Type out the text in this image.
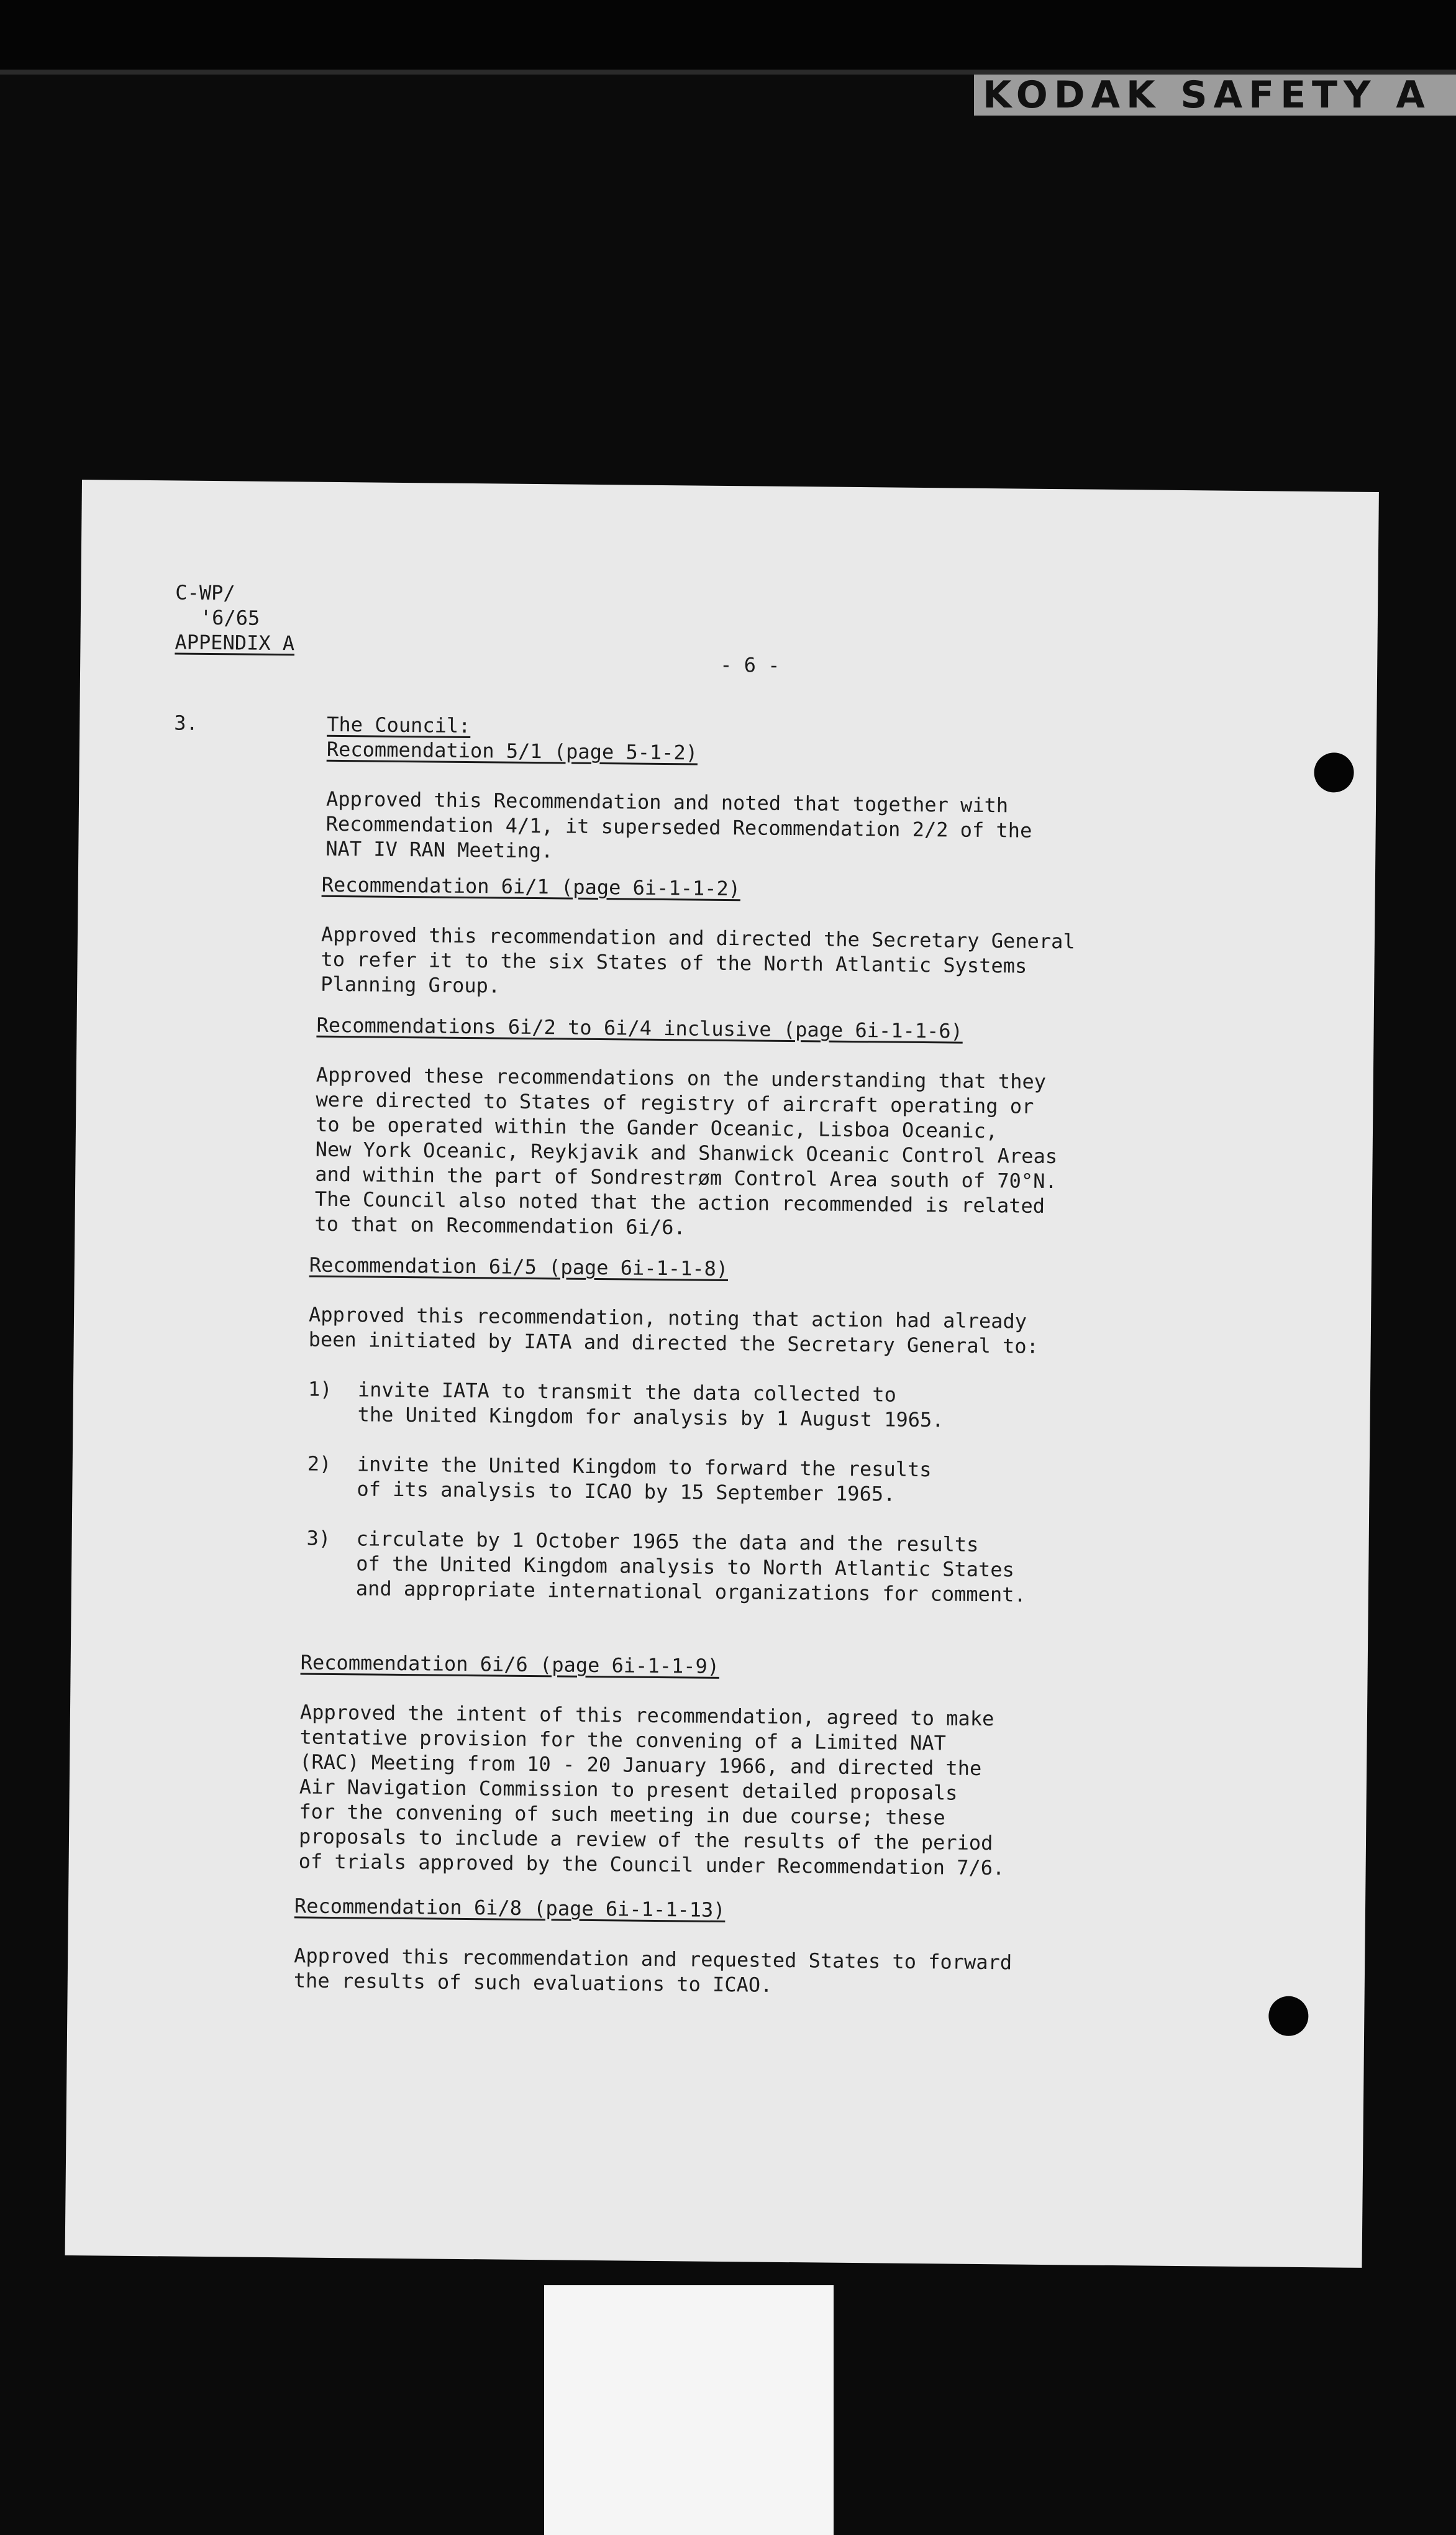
KODAK SAFETY A
C-WP/
'6/65
APPENDIX A
- 6 -
3.	The Council:
Recommendation 5/1 (page 5-1-2)
Approved this Recommendation and noted that together with
Recommendation 4/1, it superseded Recommendation 2/2 of the
NAT IV RAN Meeting.
Recommendation 6i/1 (page 6i-1-1-2)
Approved this recommendation and directed the Secretary General
to refer it to the six States of the North Atlantic Systems
Planning Group.
Recommendations 6i/2 to 6i/4 inclusive (page 6i-1-1-6)
Approved these recommendations on the understanding that they
were directed to States of registry of aircraft operating or
to be operated within the Gander Oceanic, Lisboa Oceanic,
New York Oceanic, Reykjavik and Shanwick Oceanic Control Areas
and within the part of Sondrestrøm Control Area south of 70°N.
The Council also noted that the action recommended is related
to that on Recommendation 6i/6.
Recommendation 6i/5 (page 6i-1-1-8)
Approved this recommendation, noting that action had already
been initiated by IATA and directed the Secretary General to:
1) invite IATA to transmit the data collected to
the United Kingdom for analysis by 1 August 1965.
2) invite the United Kingdom to forward the results
of its analysis to ICAO by 15 September 1965.
3) circulate by 1 October 1965 the data and the results
of the United Kingdom analysis to North Atlantic States
and appropriate international organizations for comment.
Recommendation 6i/6 (page 6i-1-1-9)
Approved the intent of this recommendation, agreed to make
tentative provision for the convening of a Limited NAT
(RAC) Meeting from 10 - 20 January 1966, and directed the
Air Navigation Commission to present detailed proposals
for the convening of such meeting in due course; these
proposals to include a review of the results of the period
of trials approved by the Council under Recommendation 7/6.
Recommendation 6i/8 (page 6i-1-1-13)
Approved this recommendation and requested States to forward
the results of such evaluations to ICAO.
